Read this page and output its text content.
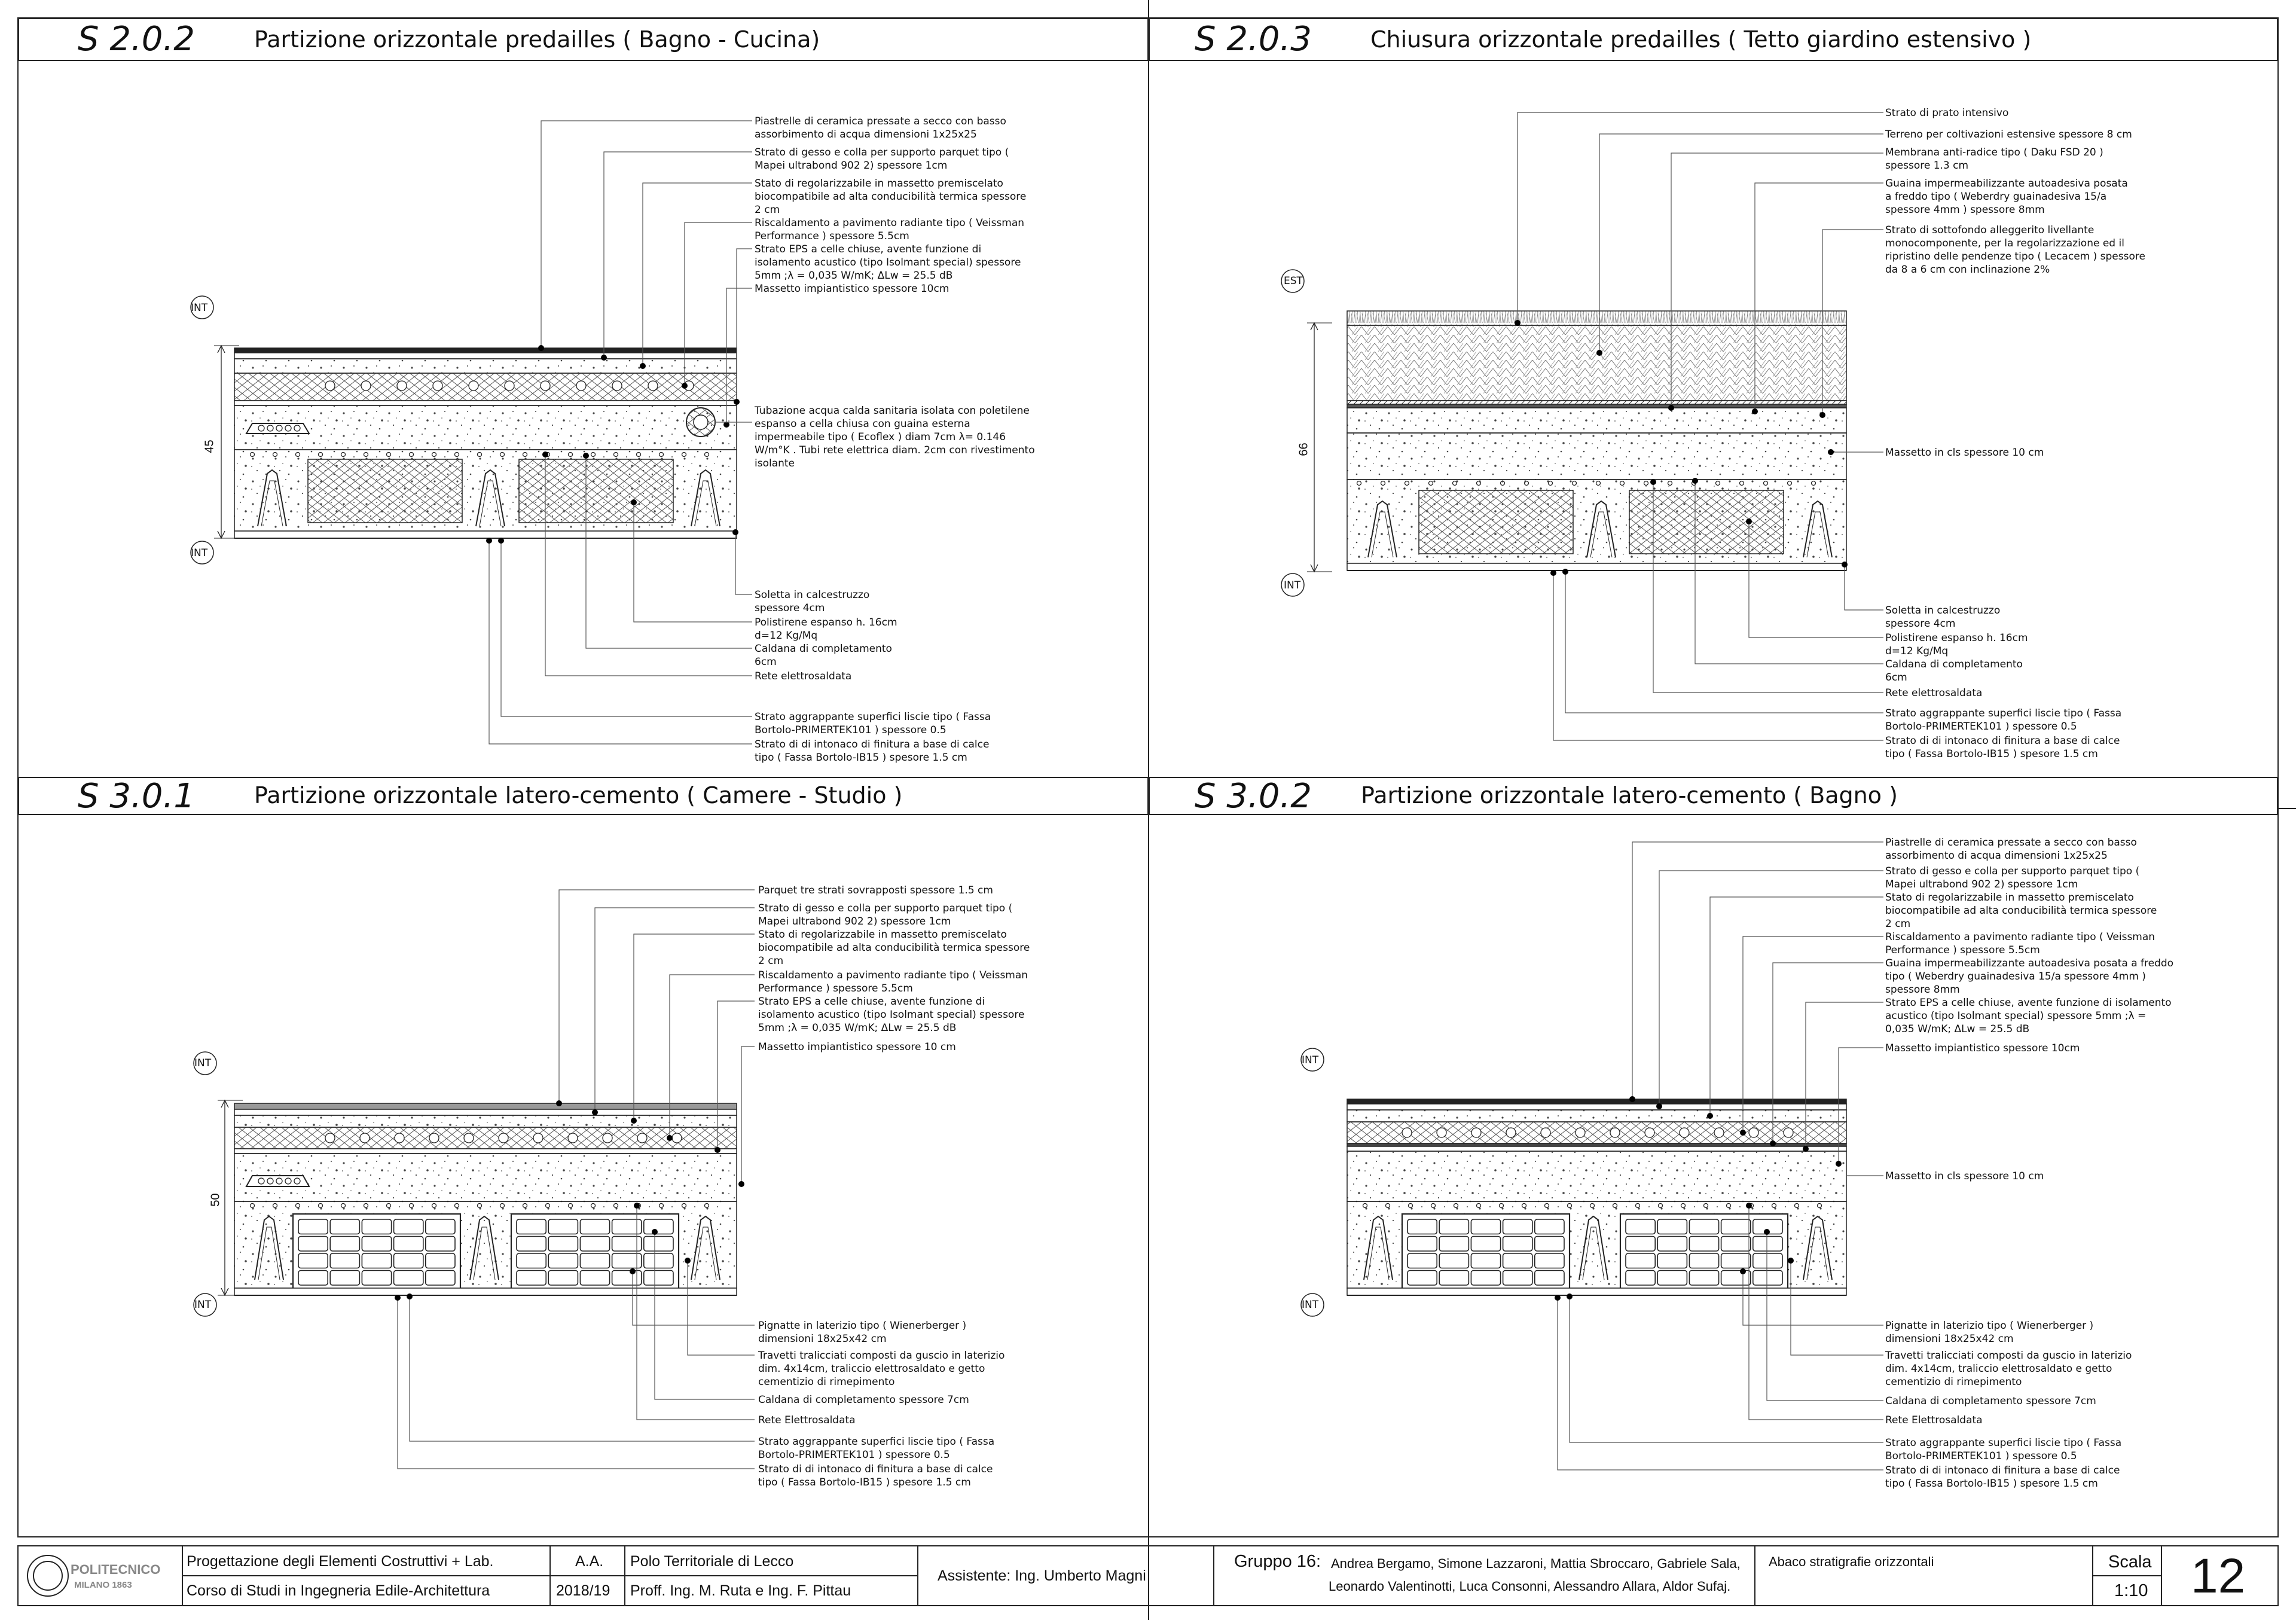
S 2.0.2	Partizione orizzontale predailles ( Bagno - Cucina)	S 2.0.3	Chiusura orizzontale predailles ( Tetto giardino estensivo )
S 3.0.1	Partizione orizzontale latero-cemento ( Camere - Studio )	S 3.0.2 Partizione orizzontale latero-cemento ( Bagno )
INT
INT
45
Piastrelle di ceramica pressate a secco con basso assorbimento di acqua dimensioni 1x25x25
Strato di gesso e colla per supporto parquet tipo ( Mapei ultrabond 902 2) spessore 1cm
Stato di regolarizzabile in massetto premiscelato biocompatibile ad alta conducibilità termica spessore 2 cm
Riscaldamento a pavimento radiante tipo ( Veissman Performance ) spessore 5.5cm
Strato EPS a celle chiuse, avente funzione di isolamento acustico (tipo Isolmant special) spessore 5mm ;λ = 0,035 W/mK; ΔLw = 25.5 dB
Massetto impiantistico spessore 10cm
Tubazione acqua calda sanitaria isolata con poletilene espanso a cella chiusa con guaina esterna impermeabile tipo ( Ecoflex ) diam 7cm λ= 0.146 W/m°K . Tubi rete elettrica diam. 2cm con rivestimento isolante
Soletta in calcestruzzo spessore 4cm
Polistirene espanso h. 16cm d=12 Kg/Mq
Caldana di completamento 6cm
Rete elettrosaldata
Strato aggrappante superfici liscie tipo ( Fassa Bortolo-PRIMERTEK101 ) spessore 0.5
Strato di di intonaco di finitura a base di calce tipo ( Fassa Bortolo-IB15 ) spesore 1.5 cm
EST
INT
66
Strato di prato intensivo
Terreno per coltivazioni estensive spessore 8 cm
Membrana anti-radice tipo ( Daku FSD 20 ) spessore 1.3 cm
Guaina impermeabilizzante autoadesiva posata a freddo tipo ( Weberdry guainadesiva 15/a spessore 4mm ) spessore 8mm
Strato di sottofondo alleggerito livellante monocomponente, per la regolarizzazione ed il ripristino delle pendenze tipo ( Lecacem ) spessore da 8 a 6 cm con inclinazione 2%
Massetto in cls spessore 10 cm
Soletta in calcestruzzo spessore 4cm
Polistirene espanso h. 16cm d=12 Kg/Mq
Caldana di completamento 6cm
Rete elettrosaldata
Strato aggrappante superfici liscie tipo ( Fassa Bortolo-PRIMERTEK101 ) spessore 0.5
Strato di di intonaco di finitura a base di calce tipo ( Fassa Bortolo-IB15 ) spesore 1.5 cm
INT
INT
50
Parquet tre strati sovrapposti spessore 1.5 cm
Strato di gesso e colla per supporto parquet tipo ( Mapei ultrabond 902 2) spessore 1cm
Stato di regolarizzabile in massetto premiscelato biocompatibile ad alta conducibilità termica spessore 2 cm
Riscaldamento a pavimento radiante tipo ( Veissman Performance ) spessore 5.5cm
Strato EPS a celle chiuse, avente funzione di isolamento acustico (tipo Isolmant special) spessore 5mm ;λ = 0,035 W/mK; ΔLw = 25.5 dB
Massetto impiantistico spessore 10 cm
Pignatte in laterizio tipo ( Wienerberger ) dimensioni 18x25x42 cm
Travetti tralicciati composti da guscio in laterizio dim. 4x14cm, traliccio elettrosaldato e getto cementizio di rimepimento
Caldana di completamento spessore 7cm
Rete Elettrosaldata
Strato aggrappante superfici liscie tipo ( Fassa Bortolo-PRIMERTEK101 ) spessore 0.5
Strato di di intonaco di finitura a base di calce tipo ( Fassa Bortolo-IB15 ) spesore 1.5 cm
INT
INT
Piastrelle di ceramica pressate a secco con basso assorbimento di acqua dimensioni 1x25x25
Strato di gesso e colla per supporto parquet tipo ( Mapei ultrabond 902 2) spessore 1cm
Stato di regolarizzabile in massetto premiscelato biocompatibile ad alta conducibilità termica spessore 2 cm
Riscaldamento a pavimento radiante tipo ( Veissman Performance ) spessore 5.5cm
Guaina impermeabilizzante autoadesiva posata a freddo tipo ( Weberdry guainadesiva 15/a spessore 4mm ) spessore 8mm
Strato EPS a celle chiuse, avente funzione di isolamento acustico (tipo Isolmant special) spessore 5mm ;λ = 0,035 W/mK; ΔLw = 25.5 dB
Massetto impiantistico spessore 10cm
Massetto in cls spessore 10 cm
Pignatte in laterizio tipo ( Wienerberger ) dimensioni 18x25x42 cm
Travetti tralicciati composti da guscio in laterizio dim. 4x14cm, traliccio elettrosaldato e getto cementizio di rimepimento
Caldana di completamento spessore 7cm
Rete Elettrosaldata
Strato aggrappante superfici liscie tipo ( Fassa Bortolo-PRIMERTEK101 ) spessore 0.5
Strato di di intonaco di finitura a base di calce tipo ( Fassa Bortolo-IB15 ) spesore 1.5 cm
POLITECNICO
MILANO 1863
Progettazione degli Elementi Costruttivi + Lab.
Corso di Studi in Ingegneria Edile-Architettura
A.A.
2018/19
Polo Territoriale di Lecco
Proff. Ing. M. Ruta e Ing. F. Pittau
Assistente: Ing. Umberto Magni
Gruppo 16: Andrea Bergamo, Simone Lazzaroni, Mattia Sbroccaro, Gabriele Sala,
Leonardo Valentinotti, Luca Consonni, Alessandro Allara, Aldor Sufaj.
Abaco stratigrafie orizzontali	Scala
1:10 12
